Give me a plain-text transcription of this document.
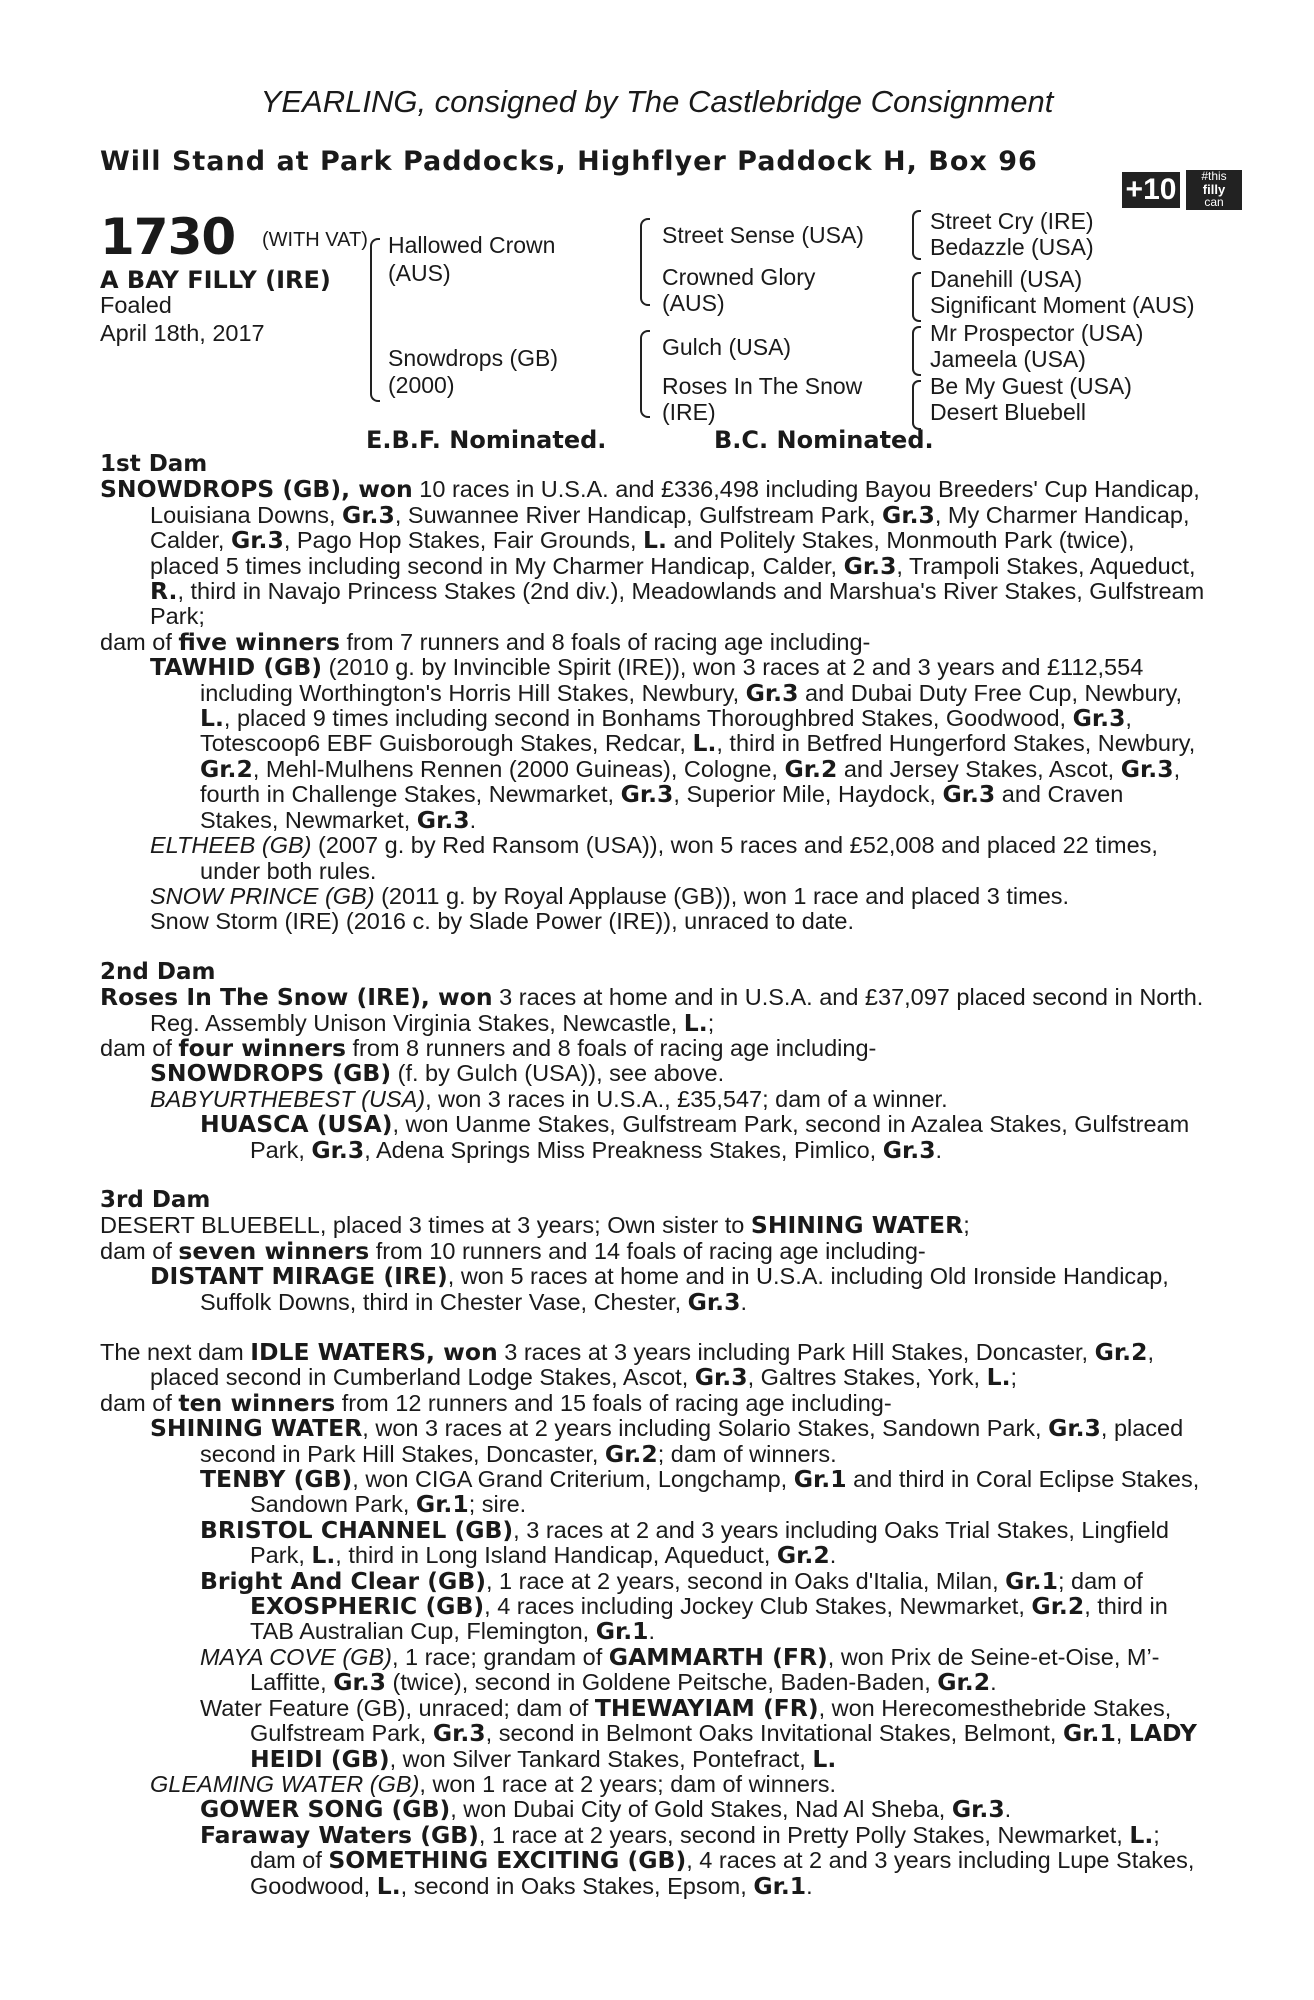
YEARLING, consigned by The Castlebridge Consignment
Will Stand at Park Paddocks, Highflyer Paddock H, Box 96
+10	#this
filly
can
1730 (WITH VAT)
A BAY FILLY (IRE)
Foaled
April 18th, 2017
Hallowed Crown
(AUS)
Snowdrops (GB)
(2000)
Street Sense (USA)
Crowned Glory
(AUS)
Gulch (USA)
Roses In The Snow
(IRE)
Street Cry (IRE)
Bedazzle (USA)
Danehill (USA)
Significant Moment (AUS)
Mr Prospector (USA)
Jameela (USA)
Be My Guest (USA)
Desert Bluebell
E.B.F. Nominated.	B.C. Nominated.

1st Dam

SNOWDROPS (GB), won 10 races in U.S.A. and £336,498 including Bayou Breeders' Cup Handicap, Louisiana Downs, Gr.3, Suwannee River Handicap, Gulfstream Park, Gr.3, My Charmer Handicap, Calder, Gr.3, Pago Hop Stakes, Fair Grounds, L. and Politely Stakes, Monmouth Park (twice), placed 5 times including second in My Charmer Handicap, Calder, Gr.3, Trampoli Stakes, Aqueduct, R., third in Navajo Princess Stakes (2nd div.), Meadowlands and Marshua's River Stakes, Gulfstream Park;

dam of five winners from 7 runners and 8 foals of racing age including-

TAWHID (GB) (2010 g. by Invincible Spirit (IRE)), won 3 races at 2 and 3 years and £112,554 including Worthington's Horris Hill Stakes, Newbury, Gr.3 and Dubai Duty Free Cup, Newbury, L., placed 9 times including second in Bonhams Thoroughbred Stakes, Goodwood, Gr.3, Totescoop6 EBF Guisborough Stakes, Redcar, L., third in Betfred Hungerford Stakes, Newbury, Gr.2, Mehl-Mulhens Rennen (2000 Guineas), Cologne, Gr.2 and Jersey Stakes, Ascot, Gr.3, fourth in Challenge Stakes, Newmarket, Gr.3, Superior Mile, Haydock, Gr.3 and Craven Stakes, Newmarket, Gr.3.

ELTHEEB (GB) (2007 g. by Red Ransom (USA)), won 5 races and £52,008 and placed 22 times, under both rules.

SNOW PRINCE (GB) (2011 g. by Royal Applause (GB)), won 1 race and placed 3 times.

Snow Storm (IRE) (2016 c. by Slade Power (IRE)), unraced to date.

2nd Dam

Roses In The Snow (IRE), won 3 races at home and in U.S.A. and £37,097 placed second in North. Reg. Assembly Unison Virginia Stakes, Newcastle, L.;

dam of four winners from 8 runners and 8 foals of racing age including-

SNOWDROPS (GB) (f. by Gulch (USA)), see above.

BABYURTHEBEST (USA), won 3 races in U.S.A., £35,547; dam of a winner.

HUASCA (USA), won Uanme Stakes, Gulfstream Park, second in Azalea Stakes, Gulfstream Park, Gr.3, Adena Springs Miss Preakness Stakes, Pimlico, Gr.3.

3rd Dam

DESERT BLUEBELL, placed 3 times at 3 years; Own sister to SHINING WATER;

dam of seven winners from 10 runners and 14 foals of racing age including-

DISTANT MIRAGE (IRE), won 5 races at home and in U.S.A. including Old Ironside Handicap, Suffolk Downs, third in Chester Vase, Chester, Gr.3.

The next dam IDLE WATERS, won 3 races at 3 years including Park Hill Stakes, Doncaster, Gr.2, placed second in Cumberland Lodge Stakes, Ascot, Gr.3, Galtres Stakes, York, L.;

dam of ten winners from 12 runners and 15 foals of racing age including-

SHINING WATER, won 3 races at 2 years including Solario Stakes, Sandown Park, Gr.3, placed second in Park Hill Stakes, Doncaster, Gr.2; dam of winners.

TENBY (GB), won CIGA Grand Criterium, Longchamp, Gr.1 and third in Coral Eclipse Stakes, Sandown Park, Gr.1; sire.

BRISTOL CHANNEL (GB), 3 races at 2 and 3 years including Oaks Trial Stakes, Lingfield Park, L., third in Long Island Handicap, Aqueduct, Gr.2.

Bright And Clear (GB), 1 race at 2 years, second in Oaks d'Italia, Milan, Gr.1; dam of EXOSPHERIC (GB), 4 races including Jockey Club Stakes, Newmarket, Gr.2, third in TAB Australian Cup, Flemington, Gr.1.

MAYA COVE (GB), 1 race; grandam of GAMMARTH (FR), won Prix de Seine-et-Oise, M’-Laffitte, Gr.3 (twice), second in Goldene Peitsche, Baden-Baden, Gr.2.

Water Feature (GB), unraced; dam of THEWAYIAM (FR), won Herecomesthebride Stakes, Gulfstream Park, Gr.3, second in Belmont Oaks Invitational Stakes, Belmont, Gr.1, LADY HEIDI (GB), won Silver Tankard Stakes, Pontefract, L.

GLEAMING WATER (GB), won 1 race at 2 years; dam of winners.

GOWER SONG (GB), won Dubai City of Gold Stakes, Nad Al Sheba, Gr.3.

Faraway Waters (GB), 1 race at 2 years, second in Pretty Polly Stakes, Newmarket, L.; dam of SOMETHING EXCITING (GB), 4 races at 2 and 3 years including Lupe Stakes, Goodwood, L., second in Oaks Stakes, Epsom, Gr.1.
